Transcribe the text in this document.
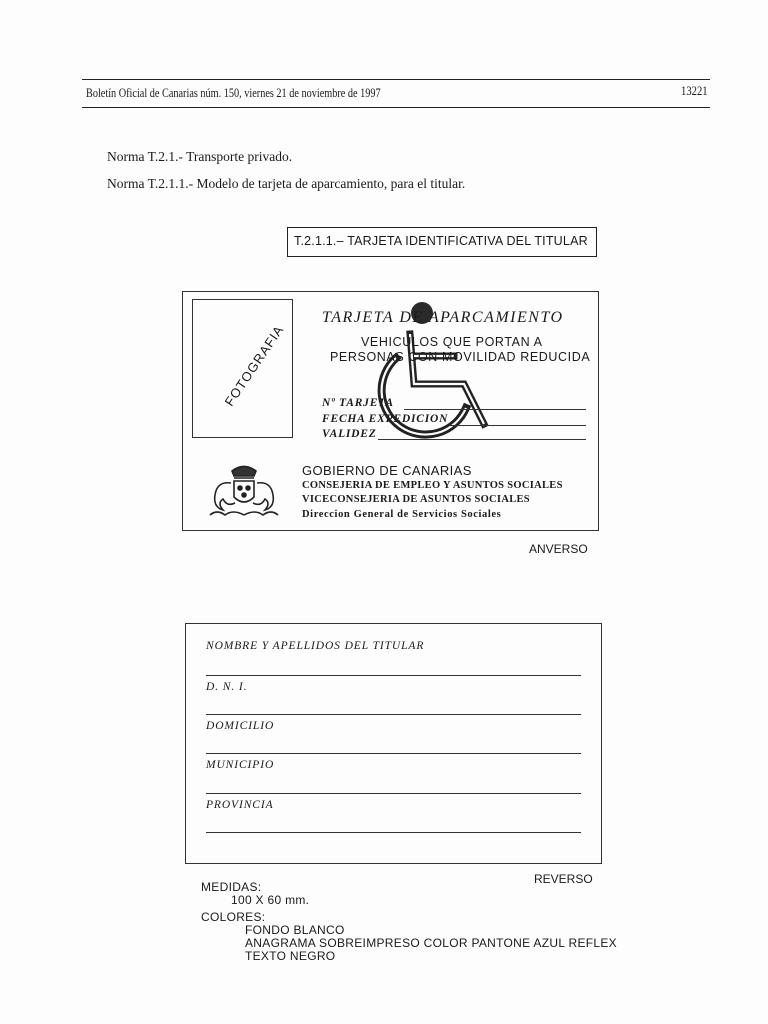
Boletín Oficial de Canarias núm. 150, viernes 21 de noviembre de 1997	13221
Norma T.2.1.- Transporte privado.
Norma T.2.1.1.- Modelo de tarjeta de aparcamiento, para el titular.
T.2.1.1.– TARJETA IDENTIFICATIVA DEL TITULAR
FOTOGRAFIA
TARJETA DE APARCAMIENTO
VEHICULOS QUE PORTAN A
PERSONAS CON MOVILIDAD REDUCIDA
Nº TARJETA
FECHA EXPEDICION
VALIDEZ
GOBIERNO DE CANARIAS
CONSEJERIA DE EMPLEO Y ASUNTOS SOCIALES
VICECONSEJERIA DE ASUNTOS SOCIALES
Direccion General de Servicios Sociales
ANVERSO
NOMBRE Y APELLIDOS DEL TITULAR
D. N. I.
DOMICILIO
MUNICIPIO
PROVINCIA
REVERSO
MEDIDAS:
100 X 60 mm.
COLORES:
FONDO BLANCO
ANAGRAMA SOBREIMPRESO COLOR PANTONE AZUL REFLEX
TEXTO NEGRO
